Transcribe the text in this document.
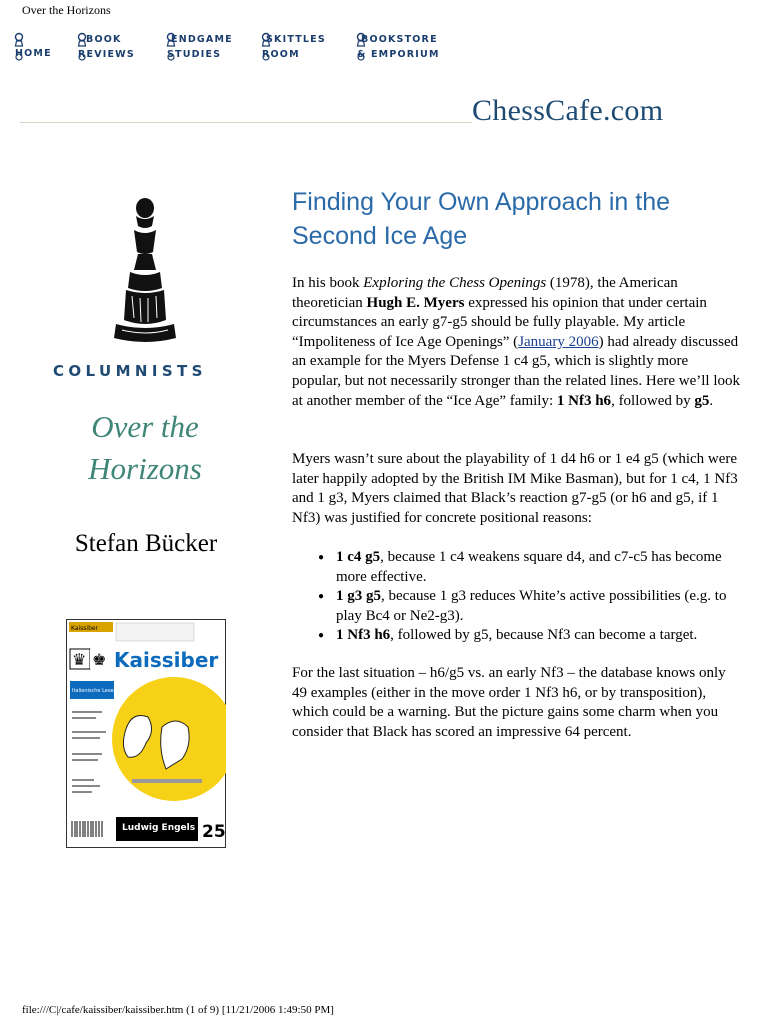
Over the Horizons
HOME
BOOK
REVIEWS
ENDGAME
STUDIES
SKITTLES
ROOM
BOOKSTORE
& EMPORIUM
ChessCafe.com
COLUMNISTS
Over the
Horizons
Stefan Bücker
Kaissiber
♛ ♚ Kaissiber
Italienische Lesezeichen
Ludwig Engels 25
Finding Your Own Approach in the Second Ice Age
In his book Exploring the Chess Openings (1978), the American theoretician Hugh E. Myers expressed his opinion that under certain circumstances an early g7-g5 should be fully playable. My article “Impoliteness of Ice Age Openings” (January 2006) had already discussed an example for the Myers Defense 1 c4 g5, which is slightly more popular, but not necessarily stronger than the related lines. Here we’ll look at another member of the “Ice Age” family: 1 Nf3 h6, followed by g5.
Myers wasn’t sure about the playability of 1 d4 h6 or 1 e4 g5 (which were later happily adopted by the British IM Mike Basman), but for 1 c4, 1 Nf3 and 1 g3, Myers claimed that Black’s reaction g7-g5 (or h6 and g5, if 1 Nf3) was justified for concrete positional reasons:
● 1 c4 g5, because 1 c4 weakens square d4, and c7-c5 has become more effective.
● 1 g3 g5, because 1 g3 reduces White’s active possibilities (e.g. to play Bc4 or Ne2-g3).
● 1 Nf3 h6, followed by g5, because Nf3 can become a target.
For the last situation – h6/g5 vs. an early Nf3 – the database knows only 49 examples (either in the move order 1 Nf3 h6, or by transposition), which could be a warning. But the picture gains some charm when you consider that Black has scored an impressive 64 percent.
file:///C|/cafe/kaissiber/kaissiber.htm (1 of 9) [11/21/2006 1:49:50 PM]
